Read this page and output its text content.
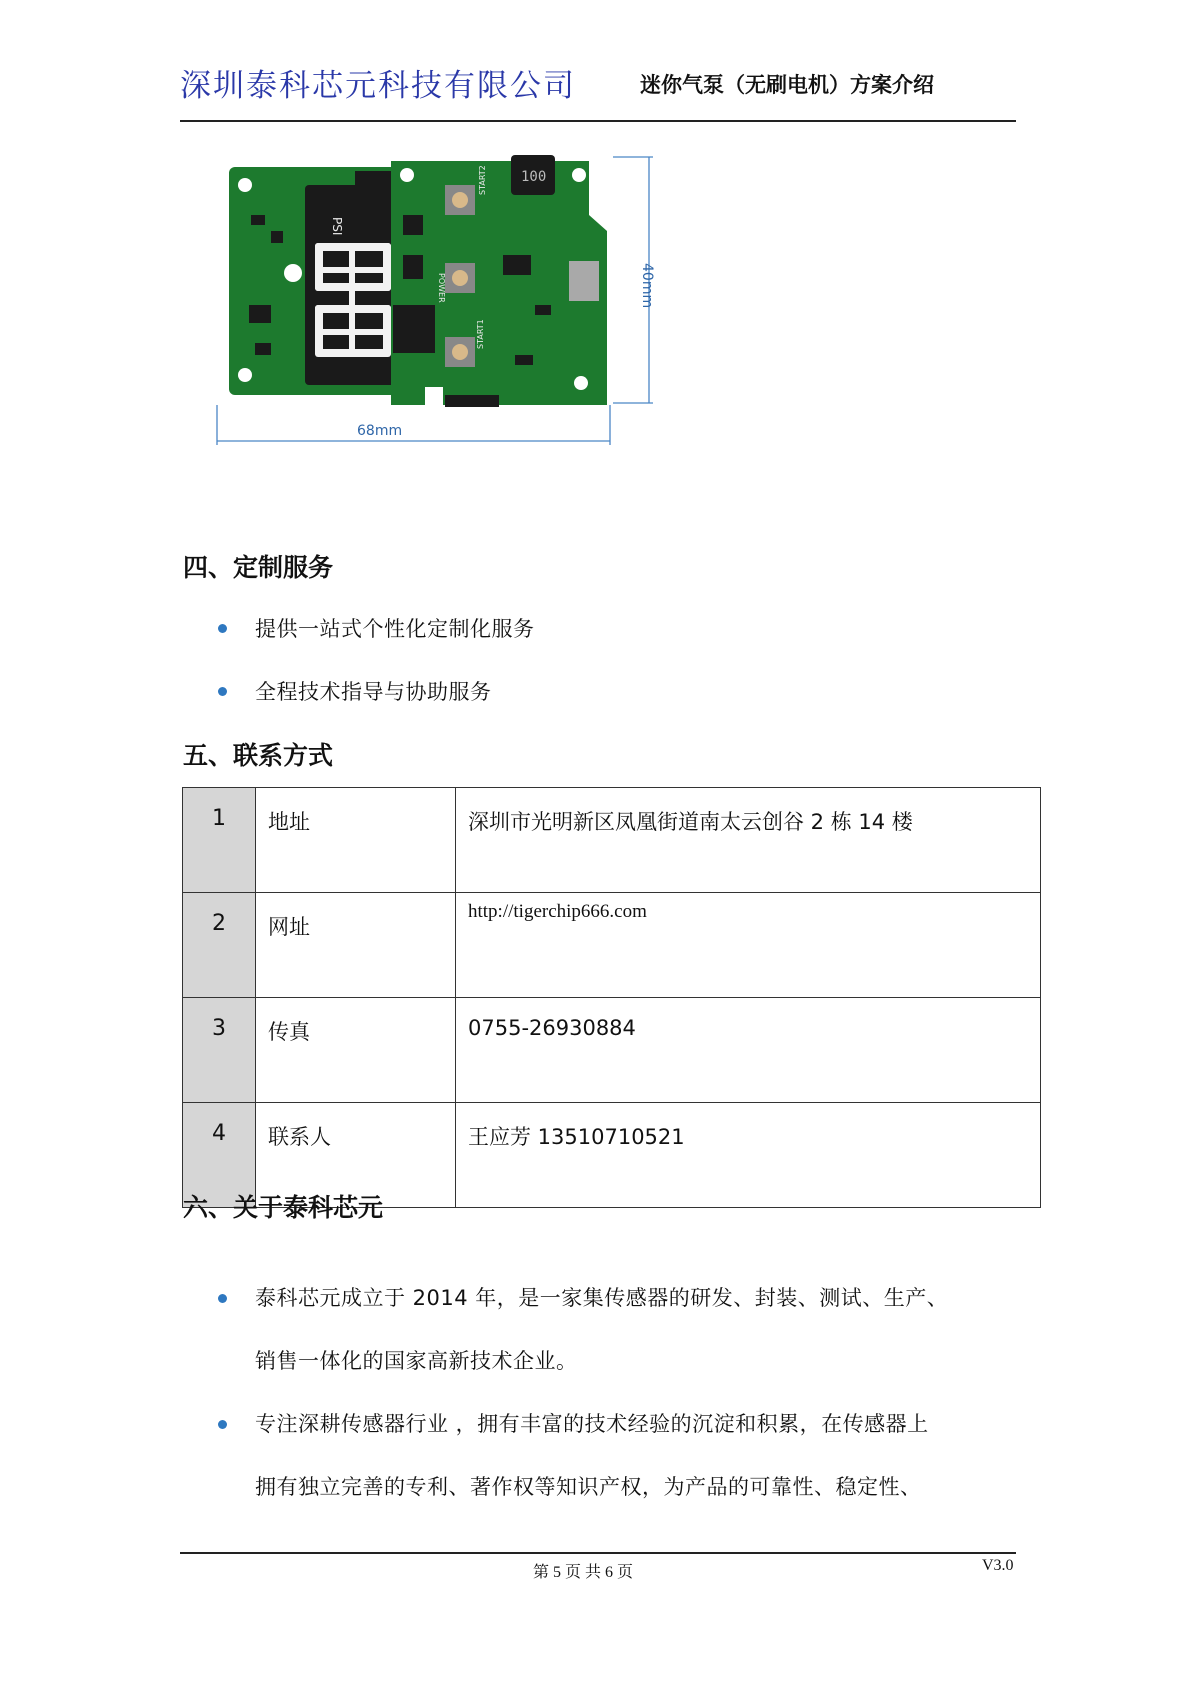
深圳泰科芯元科技有限公司	迷你气泵（无刷电机）方案介绍
PSI
100
START2
POWER
START1
40mm
68mm
四、定制服务
提供一站式个性化定制化服务
全程技术指导与协助服务
五、联系方式
1	地址	深圳市光明新区凤凰街道南太云创谷 2 栋 14 楼
2	网址	http://tigerchip666.com
3	传真	0755-26930884
4	联系人	王应芳 13510710521
六、关于泰科芯元
泰科芯元成立于 2014 年，是一家集传感器的研发、封装、测试、生产、
销售一体化的国家高新技术企业。
专注深耕传感器行业 ，拥有丰富的技术经验的沉淀和积累，在传感器上
拥有独立完善的专利、著作权等知识产权，为产品的可靠性、稳定性、
第 5 页 共 6 页	V3.0
